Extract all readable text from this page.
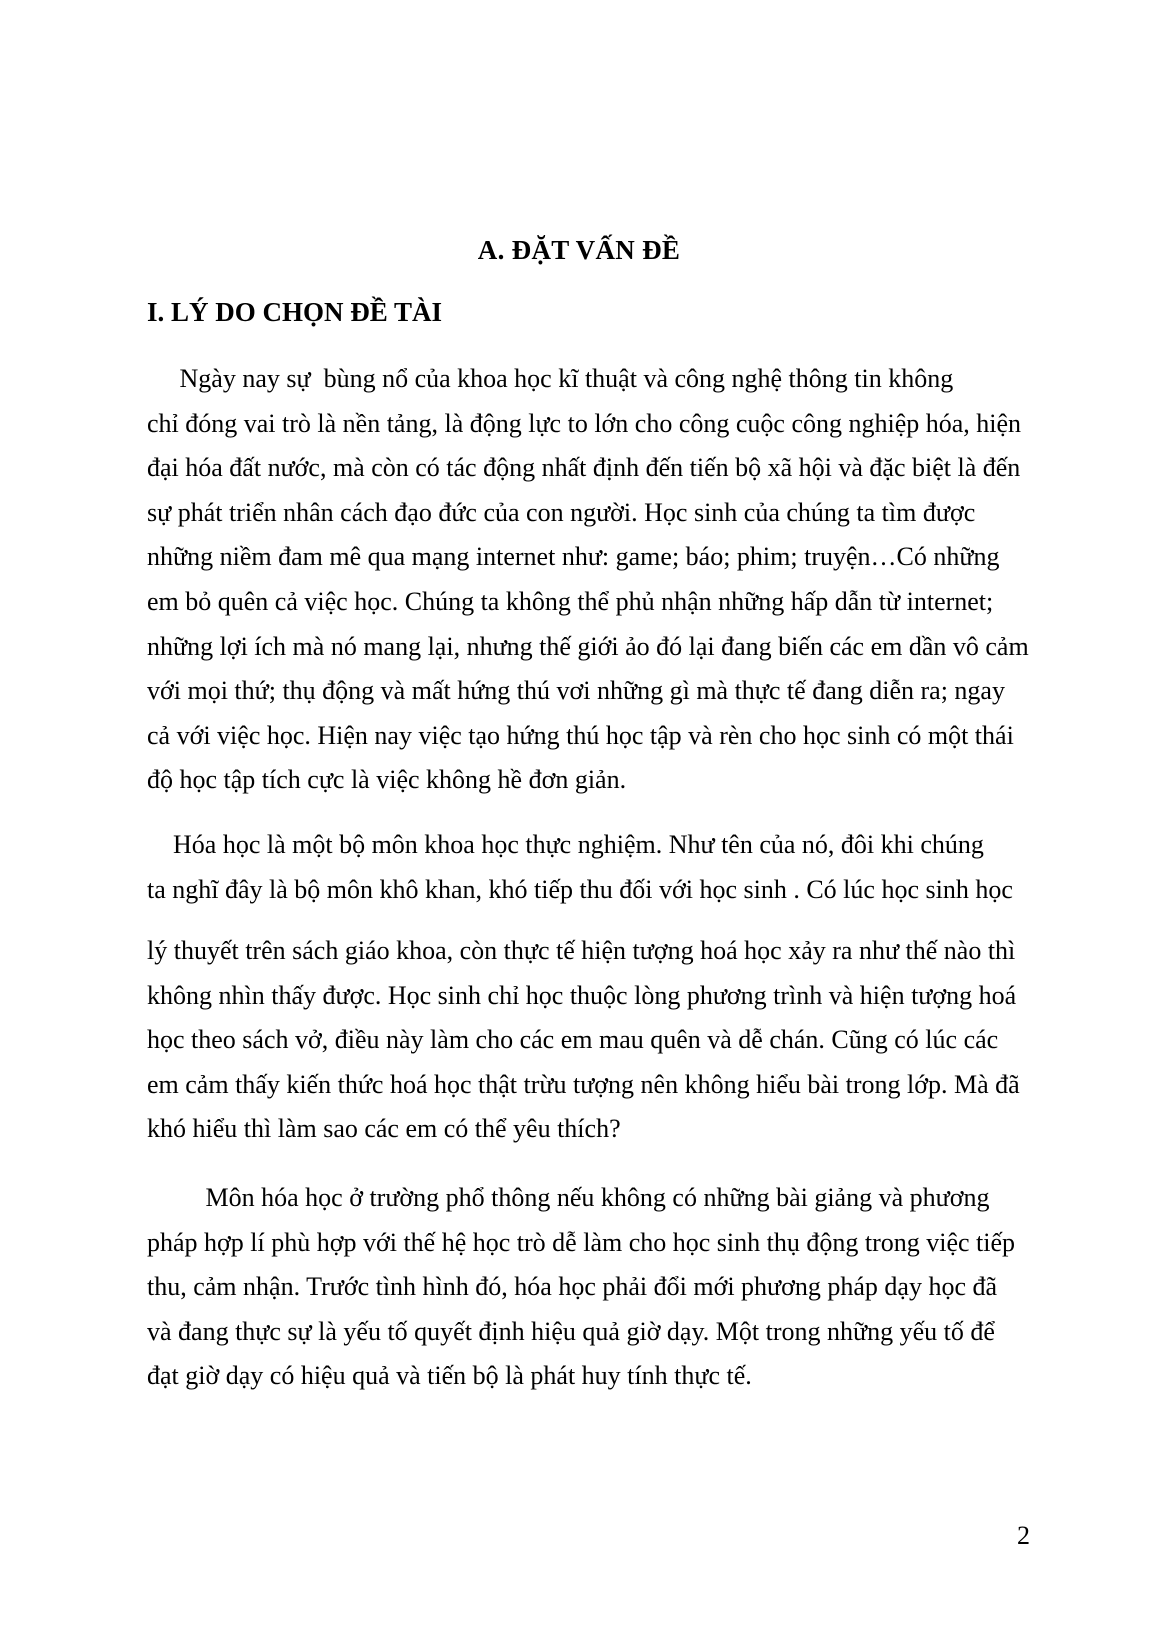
A. ĐẶT VẤN ĐỀ
I. LÝ DO CHỌN ĐỀ TÀI

Ngày nay sự  bùng nổ của khoa học kĩ thuật và công nghệ thông tin không
chỉ đóng vai trò là nền tảng, là động lực to lớn cho công cuộc công nghiệp hóa, hiện
đại hóa đất nước, mà còn có tác động nhất định đến tiến bộ xã hội và đặc biệt là đến
sự phát triển nhân cách đạo đức của con người. Học sinh của chúng ta tìm được
những niềm đam mê qua mạng internet như: game; báo; phim; truyện…Có những
em bỏ quên cả việc học. Chúng ta không thể phủ nhận những hấp dẫn từ internet;
những lợi ích mà nó mang lại, nhưng thế giới ảo đó lại đang biến các em dần vô cảm
với mọi thứ; thụ động và mất hứng thú vơi những gì mà thực tế đang diễn ra; ngay
cả với việc học. Hiện nay việc tạo hứng thú học tập và rèn cho học sinh có một thái
độ học tập tích cực là việc không hề đơn giản.

Hóa học là một bộ môn khoa học thực nghiệm. Như tên của nó, đôi khi chúng
ta nghĩ đây là bộ môn khô khan, khó tiếp thu đối với học sinh . Có lúc học sinh học

lý thuyết trên sách giáo khoa, còn thực tế hiện tượng hoá học xảy ra như thế nào thì
không nhìn thấy được. Học sinh chỉ học thuộc lòng phương trình và hiện tượng hoá
học theo sách vở, điều này làm cho các em mau quên và dễ chán. Cũng có lúc các
em cảm thấy kiến thức hoá học thật trừu tượng nên không hiểu bài trong lớp. Mà đã
khó hiểu thì làm sao các em có thể yêu thích?

Môn hóa học ở trường phổ thông nếu không có những bài giảng và phương
pháp hợp lí phù hợp với thế hệ học trò dễ làm cho học sinh thụ động trong việc tiếp
thu, cảm nhận. Trước tình hình đó, hóa học phải đổi mới phương pháp dạy học đã
và đang thực sự là yếu tố quyết định hiệu quả giờ dạy. Một trong những yếu tố để
đạt giờ dạy có hiệu quả và tiến bộ là phát huy tính thực tế.

2
